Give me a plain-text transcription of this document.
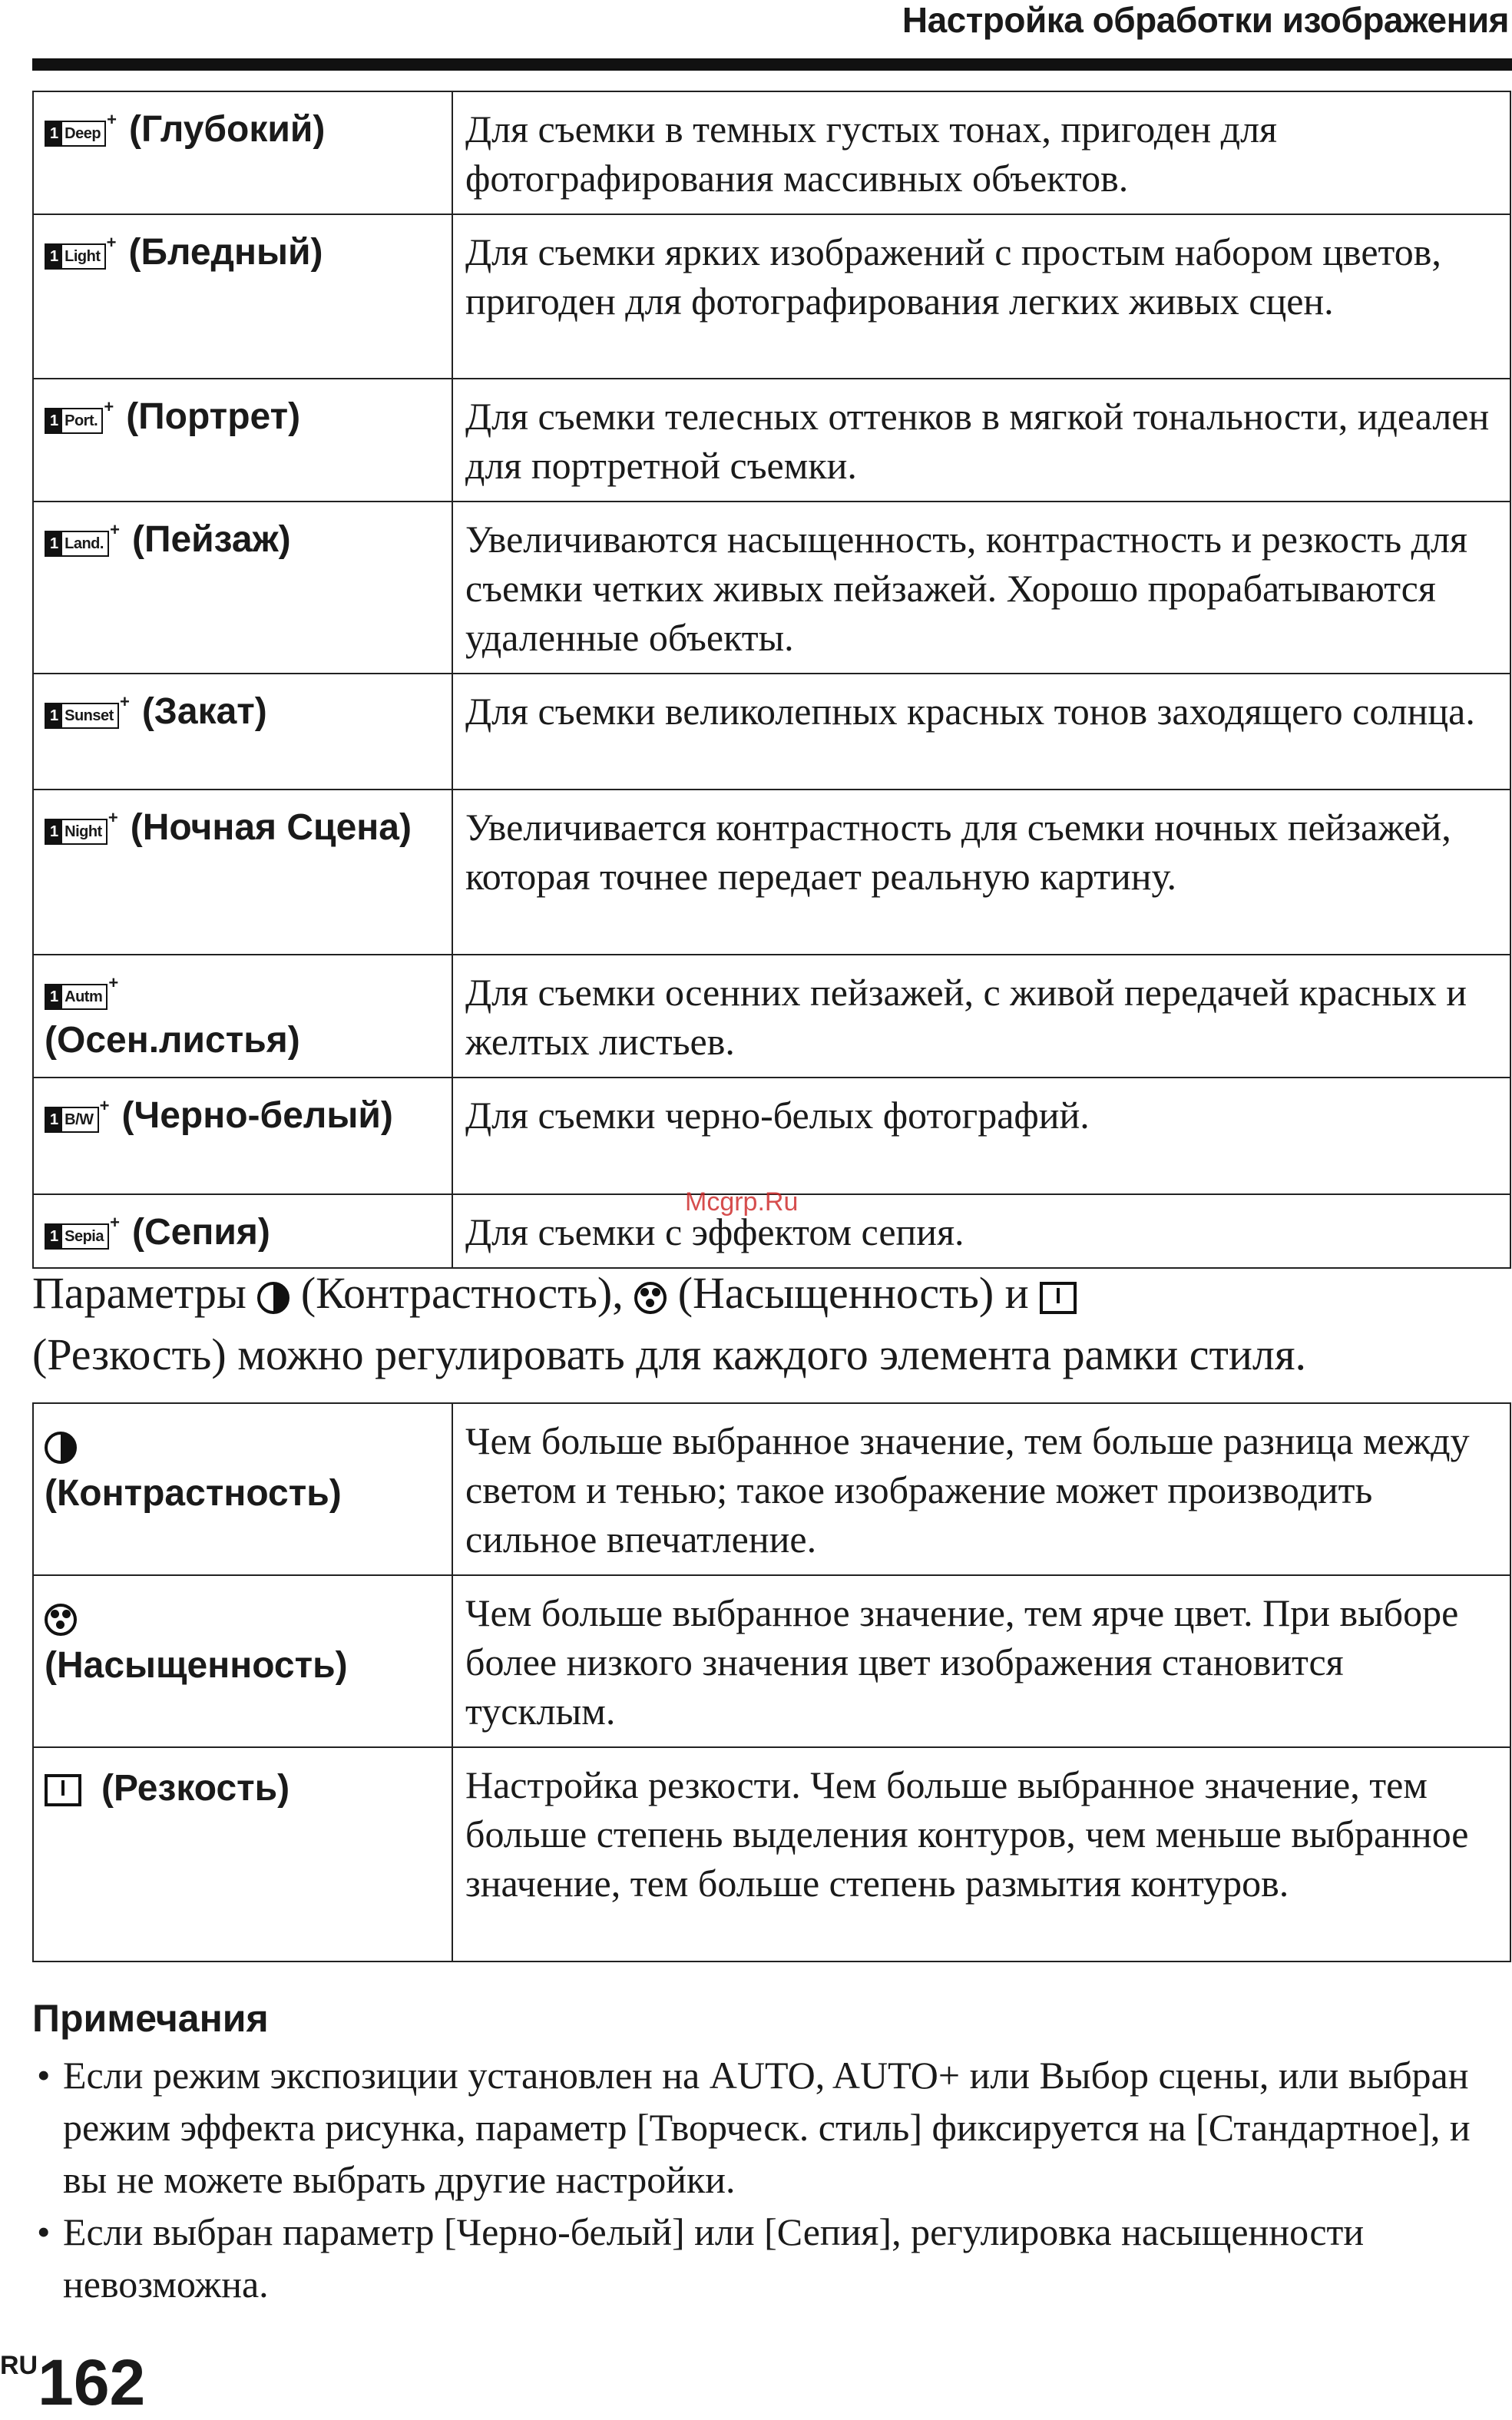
Настройка обработки изображения
1 Deep
+ (Глубокий)	Для съемки в темных густых тонах, пригоден для фотографирования массивных объектов.
1 Light
+ (Бледный)	Для съемки ярких изображений с простым набором цветов, пригоден для фотографирования легких живых сцен.
1 Port.
+ (Портрет)	Для съемки телесных оттенков в мягкой тональности, идеален для портретной съемки.
1 Land.
+ (Пейзаж)	Увеличиваются насыщенность, контрастность и резкость для съемки четких живых пейзажей. Хорошо прорабатываются удаленные объекты.
1 Sunset
+ (Закат)	Для съемки великолепных красных тонов заходящего солнца.
1 Night
+ (Ночная Сцена)	Увеличивается контрастность для съемки ночных пейзажей, которая точнее передает реальную картину.
1 Autm
+

(Осен.листья)	Для съемки осенних пейзажей, с живой передачей красных и желтых листьев.
1 B/W
+ (Черно-белый)	Для съемки черно-белых фотографий.
1 Sepia
+ (Сепия)	Для съемки с эффектом сепия.
Mcgrp.Ru
Параметры (Контрастность), (Насыщенность) и

(Резкость) можно регулировать для каждого элемента рамки стиля.

(Контрастность)	Чем больше выбранное значение, тем больше разница между светом и тенью; такое изображение может производить сильное впечатление.

(Насыщенность)	Чем больше выбранное значение, тем ярче цвет. При выборе более низкого значения цвет изображения становится тусклым.

(Резкость)	Настройка резкости. Чем больше выбранное значение, тем больше степень выделения контуров, чем меньше выбранное значение, тем больше степень размытия контуров.
Примечания
• Если режим экспозиции установлен на AUTO, AUTO+ или Выбор сцены, или выбран режим эффекта рисунка, параметр [Творческ. стиль] фиксируется на [Стандартное], и вы не можете выбрать другие настройки.
• Если выбран параметр [Черно-белый] или [Сепия], регулировка насыщенности невозможна.
RU162
